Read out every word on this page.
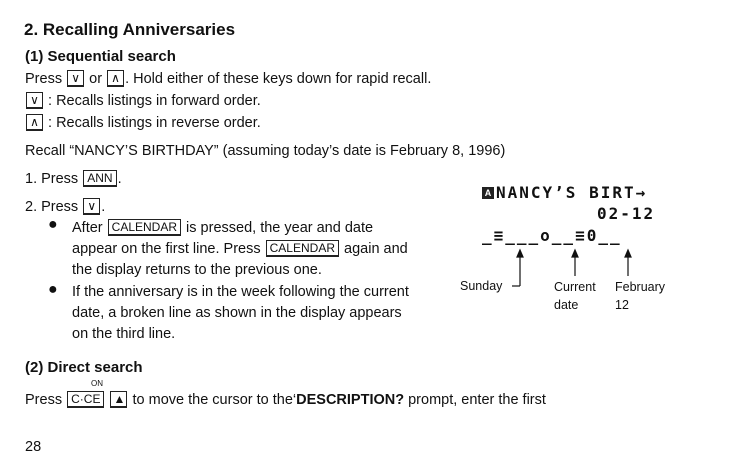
2. Recalling Anniversaries
(1) Sequential search
Press ∨ or ∧ . Hold either of these keys down for rapid recall.
∨ : Recalls listings in forward order.
∧ : Recalls listings in reverse order.
Recall “NANCY’S BIRTHDAY” (assuming today’s date is February 8, 1996)
1. Press ANN .
2. Press ∨ .
● After CALENDAR is pressed, the year and date
appear on the first line. Press CALENDAR again and
the display returns to the previous one.
● If the anniversary is in the week following the current
date, a broken line as shown in the display appears
on the third line.
A NANCY’S BIRT→
02-12
_≡___o__≡0__
Sunday	Current
date
February
12
(2) Direct search
ON
Press C·CE ▲ to move the cursor to the‘DESCRIPTION? prompt, enter the first
28
